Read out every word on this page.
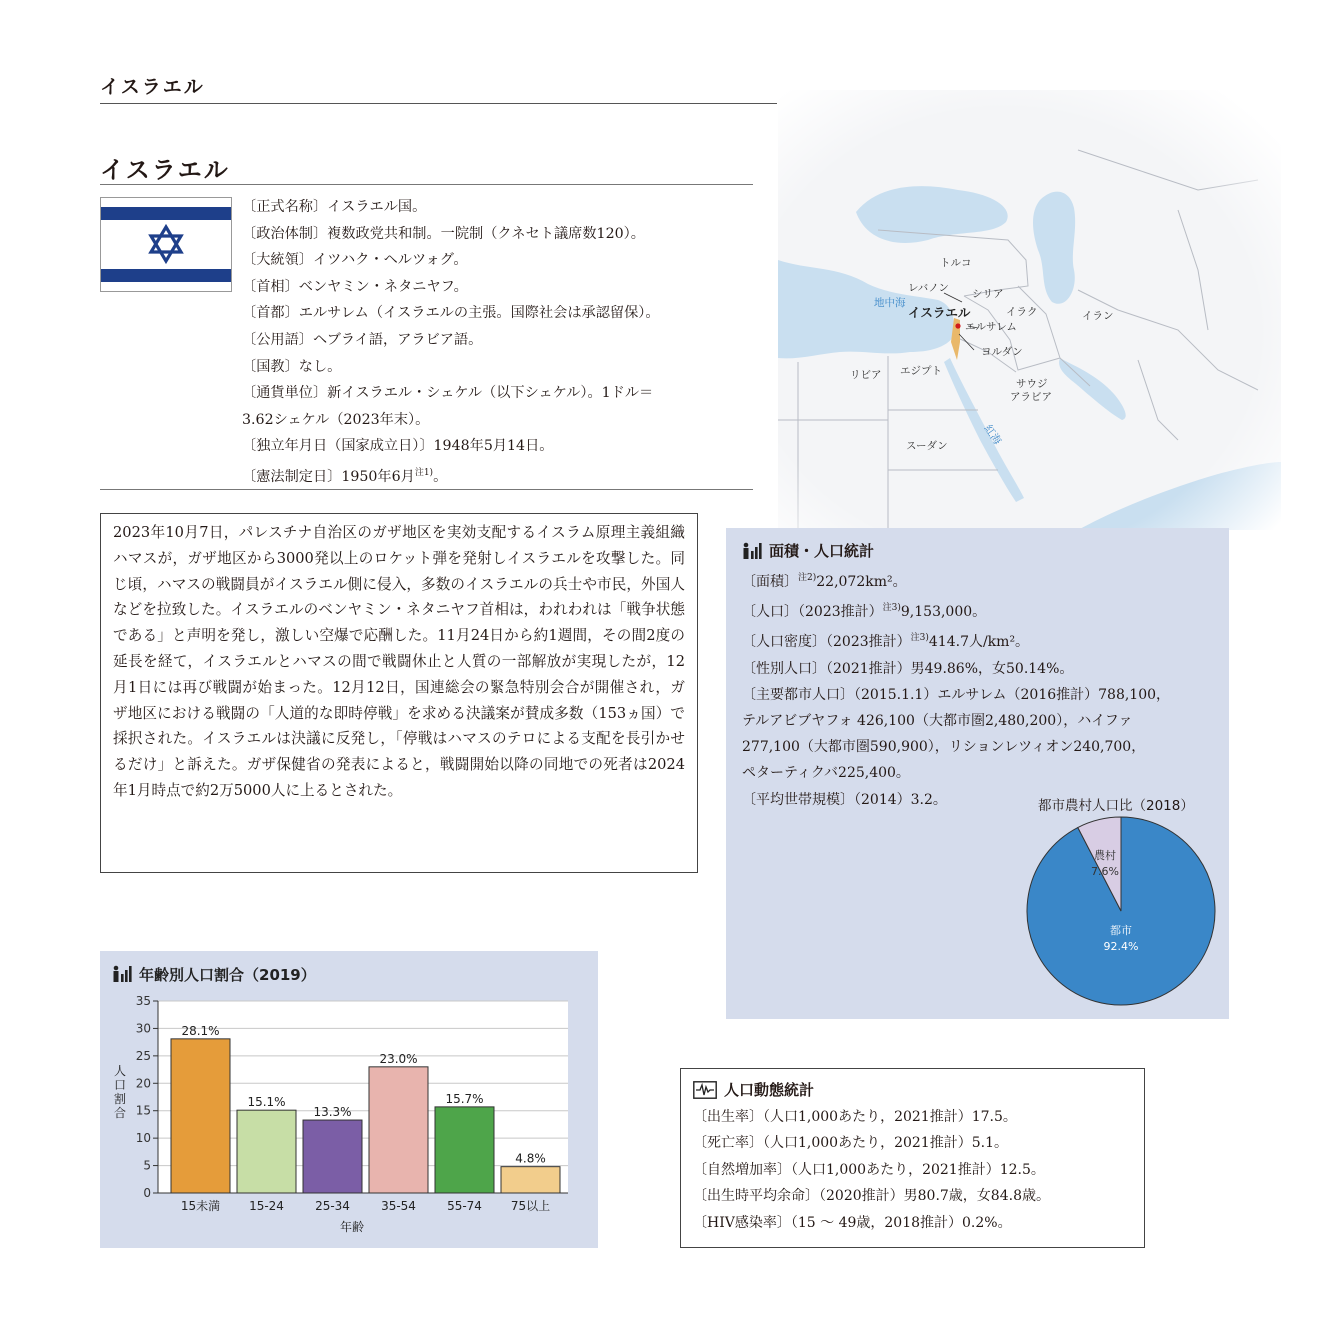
イスラエル
イスラエル
〔正式名称〕イスラエル国。
〔政治体制〕複数政党共和制。一院制（クネセト議席数120）。
〔大統領〕イツハク・ヘルツォグ。
〔首相〕ベンヤミン・ネタニヤフ。
〔首都〕エルサレム（イスラエルの主張。国際社会は承認留保）。
〔公用語〕ヘブライ語，アラビア語。
〔国教〕なし。
〔通貨単位〕新イスラエル・シェケル（以下シェケル）。1ドル＝
3.62シェケル（2023年末）。
〔独立年月日（国家成立日）〕1948年5月14日。
〔憲法制定日〕1950年6月$^{注1)}$。
2023年10月7日，パレスチナ自治区のガザ地区を実効支配するイスラム原理主義組織ハマスが，ガザ地区から3000発以上のロケット弾を発射しイスラエルを攻撃した。同じ頃，ハマスの戦闘員がイスラエル側に侵入，多数のイスラエルの兵士や市民，外国人などを拉致した。イスラエルのベンヤミン・ネタニヤフ首相は，われわれは「戦争状態である」と声明を発し，激しい空爆で応酬した。11月24日から約1週間，その間2度の延長を経て，イスラエルとハマスの間で戦闘休止と人質の一部解放が実現したが，12月1日には再び戦闘が始まった。12月12日，国連総会の緊急特別会合が開催され，ガザ地区における戦闘の「人道的な即時停戦」を求める決議案が賛成多数（153ヵ国）で採択された。イスラエルは決議に反発し，「停戦はハマスのテロによる支配を長引かせるだけ」と訴えた。ガザ保健省の発表によると，戦闘開始以降の同地での死者は2024年1月時点で約2万5000人に上るとされた。
面積・人口統計
〔面積〕$^{注2)}$22,072km²。
〔人口〕（2023推計）$^{注3)}$9,153,000。
〔人口密度〕（2023推計）$^{注3)}$414.7人/km²。
〔性別人口〕（2021推計）男49.86%，女50.14%。
〔主要都市人口〕（2015.1.1）エルサレム（2016推計）788,100，
テルアビブヤフォ 426,100（大都市圏2,480,200），ハイファ
277,100（大都市圏590,900），リションレツィオン240,700，
ペターティクバ225,400。
〔平均世帯規模〕（2014）3.2。	都市農村人口比（2018）
農村
7.6%
都市
92.4%
年齢別人口割合（2019）
0
5
10
15
20
25
30
35
28.1%
15.1%
13.3%
23.0%
15.7%
4.8%
15未満 15-24	25-34	35-54	55-74 75以上
人口割合
年齢
人口動態統計
〔出生率〕（人口1,000あたり，2021推計）17.5。
〔死亡率〕（人口1,000あたり，2021推計）5.1。
〔自然増加率〕（人口1,000あたり，2021推計）12.5。
〔出生時平均余命〕（2020推計）男80.7歳，女84.8歳。
〔HIV感染率〕（15 ～ 49歳，2018推計）0.2%。
